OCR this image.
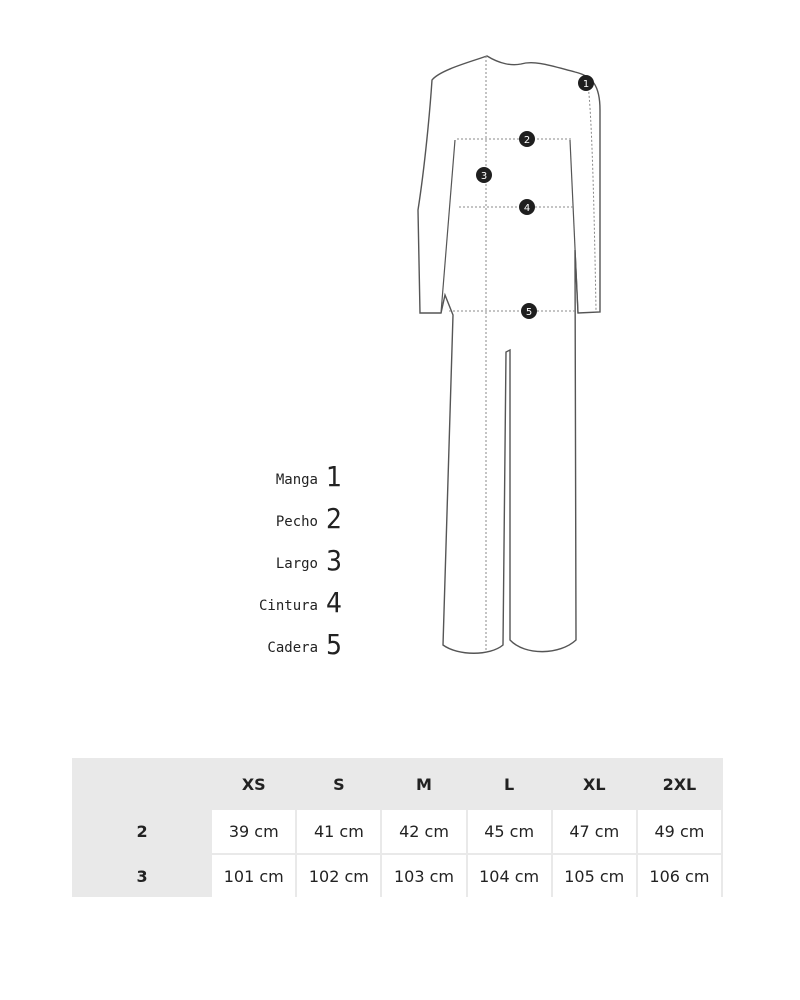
1
2
3
4
5
Manga 1
Pecho 2
Largo 3
Cintura 4
Cadera 5
	XS	S	M	L	XL	2XL
2	39 cm	41 cm	42 cm	45 cm	47 cm	49 cm
3	101 cm	102 cm	103 cm	104 cm	105 cm	106 cm
